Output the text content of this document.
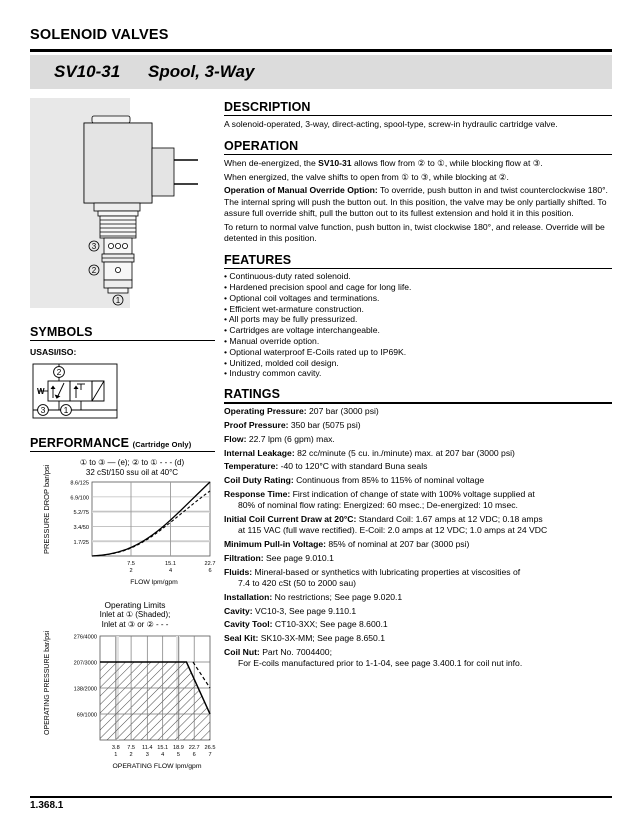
SOLENOID VALVES
SV10-31 Spool, 3-Way
3
2
1
SYMBOLS
USASI/ISO:
2
3 1
W
PERFORMANCE (Cartridge Only)
① to ③ — (e); ② to ① - - - (d)
32 cSt/150 ssu oil at 40°C
8.6/125
6.9/100
5.2/75
3.4/50
1.7/25
7.5
2
15.1
4
22.7
6
FLOW lpm/gpm
PRESSURE DROP bar/psi
Operating Limits
Inlet at ① (Shaded);
Inlet at ③ or ② - - -
276/4000
207/3000
138/2000
69/1000
3.8
1
7.5
2
11.4
3
15.1
4
18.9
5
22.7
6
26.5
7
OPERATING FLOW lpm/gpm
OPERATING PRESSURE bar/psi
DESCRIPTION
A solenoid-operated, 3-way, direct-acting, spool-type, screw-in hydraulic cartridge valve.
OPERATION
When de-energized, the SV10-31 allows flow from ② to ①, while blocking flow at ③.
When energized, the valve shifts to open from ① to ③, while blocking at ②.
Operation of Manual Override Option: To override, push button in and twist counterclockwise 180°. The internal spring will push the button out. In this position, the valve may be only partially shifted. To assure full override shift, pull the button out to its fullest extension and hold it in this position.
To return to normal valve function, push button in, twist clockwise 180°, and release. Override will be detented in this position.
FEATURES
• Continuous-duty rated solenoid.
• Hardened precision spool and cage for long life.
• Optional coil voltages and terminations.
• Efficient wet-armature construction.
• All ports may be fully pressurized.
• Cartridges are voltage interchangeable.
• Manual override option.
• Optional waterproof E-Coils rated up to IP69K.
• Unitized, molded coil design.
• Industry common cavity.
RATINGS
Operating Pressure: 207 bar (3000 psi)
Proof Pressure: 350 bar (5075 psi)
Flow: 22.7 lpm (6 gpm) max.
Internal Leakage: 82 cc/minute (5 cu. in./minute) max. at 207 bar (3000 psi)
Temperature: -40 to 120°C with standard Buna seals
Coil Duty Rating: Continuous from 85% to 115% of nominal voltage
Response Time: First indication of change of state with 100% voltage supplied at
80% of nominal flow rating: Energized: 60 msec.; De-energized: 10 msec.
Initial Coil Current Draw at 20°C: Standard Coil: 1.67 amps at 12 VDC; 0.18 amps
at 115 VAC (full wave rectified). E-Coil: 2.0 amps at 12 VDC; 1.0 amps at 24 VDC
Minimum Pull-in Voltage: 85% of nominal at 207 bar (3000 psi)
Filtration: See page 9.010.1
Fluids: Mineral-based or synthetics with lubricating properties at viscosities of
7.4 to 420 cSt (50 to 2000 sau)
Installation: No restrictions; See page 9.020.1
Cavity: VC10-3, See page 9.110.1
Cavity Tool: CT10-3XX; See page 8.600.1
Seal Kit: SK10-3X-MM; See page 8.650.1
Coil Nut: Part No. 7004400;
For E-coils manufactured prior to 1-1-04, see page 3.400.1 for coil nut info.
1.368.1
